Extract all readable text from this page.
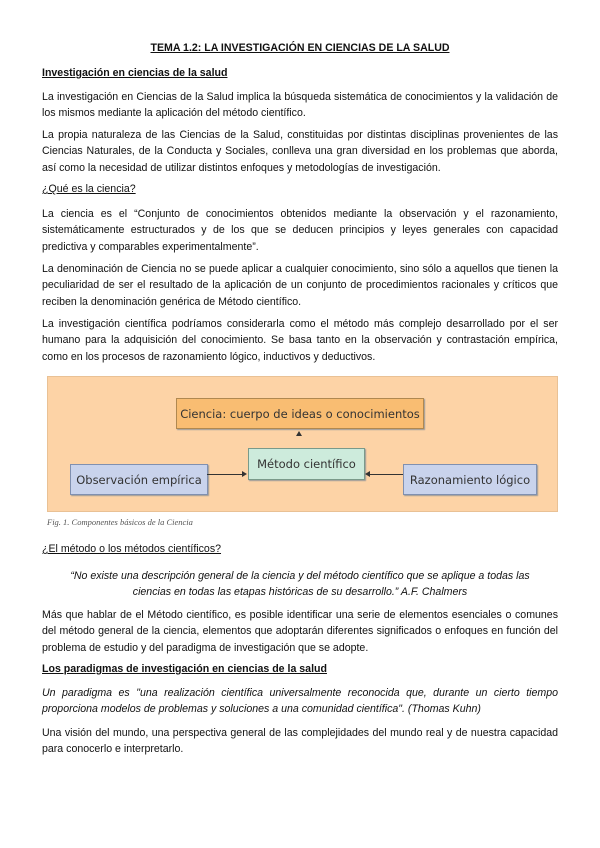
TEMA 1.2: LA INVESTIGACIÓN EN CIENCIAS DE LA SALUD
Investigación en ciencias de la salud
La investigación en Ciencias de la Salud implica la búsqueda sistemática de conocimientos y la validación de los mismos mediante la aplicación del método científico.
La propia naturaleza de las Ciencias de la Salud, constituidas por distintas disciplinas provenientes de las Ciencias Naturales, de la Conducta y Sociales, conlleva una gran diversidad en los problemas que aborda, así como la necesidad de utilizar distintos enfoques y metodologías de investigación.
¿Qué es la ciencia?
La ciencia es el “Conjunto de conocimientos obtenidos mediante la observación y el razonamiento, sistemáticamente estructurados y de los que se deducen principios y leyes generales con capacidad predictiva y comparables experimentalmente”.
La denominación de Ciencia no se puede aplicar a cualquier conocimiento, sino sólo a aquellos que tienen la peculiaridad de ser el resultado de la aplicación de un conjunto de procedimientos racionales y críticos que reciben la denominación genérica de Método científico.
La investigación científica podríamos considerarla como el método más complejo desarrollado por el ser humano para la adquisición del conocimiento. Se basa tanto en la observación y contrastación empírica, como en los procesos de razonamiento lógico, inductivos y deductivos.
Ciencia: cuerpo de ideas o conocimientos
Método científico
Observación empírica	Razonamiento lógico
Fig. 1. Componentes básicos de la Ciencia
¿El método o los métodos científicos?
“No existe una descripción general de la ciencia y del método científico que se aplique a todas las ciencias en todas las etapas históricas de su desarrollo.” A.F. Chalmers
Más que hablar de el Método científico, es posible identificar una serie de elementos esenciales o comunes del método general de la ciencia, elementos que adoptarán diferentes significados o enfoques en función del problema de estudio y del paradigma de investigación que se adopte.
Los paradigmas de investigación en ciencias de la salud
Un paradigma es "una realización científica universalmente reconocida que, durante un cierto tiempo proporciona modelos de problemas y soluciones a una comunidad científica". (Thomas Kuhn)
Una visión del mundo, una perspectiva general de las complejidades del mundo real y de nuestra capacidad para conocerlo e interpretarlo.
